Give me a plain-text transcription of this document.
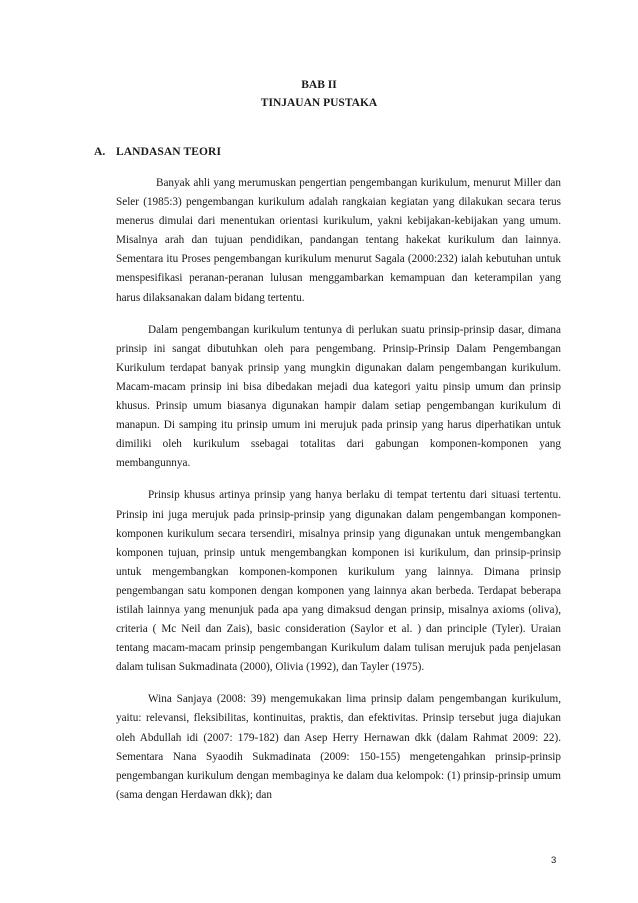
BAB II

TINJAUAN PUSTAKA

A. LANDASAN TEORI

Banyak ahli yang merumuskan pengertian pengembangan kurikulum, menurut Miller dan Seler (1985:3) pengembangan kurikulum adalah rangkaian kegiatan yang dilakukan secara terus menerus dimulai dari menentukan orientasi kurikulum, yakni kebijakan-kebijakan yang umum. Misalnya arah dan tujuan pendidikan, pandangan tentang hakekat kurikulum dan lainnya. Sementara itu Proses pengembangan kurikulum menurut Sagala (2000:232) ialah kebutuhan untuk menspesifikasi peranan-peranan lulusan menggambarkan kemampuan dan keterampilan yang harus dilaksanakan dalam bidang tertentu.

Dalam pengembangan kurikulum tentunya di perlukan suatu prinsip-prinsip dasar, dimana prinsip ini sangat dibutuhkan oleh para pengembang. Prinsip-Prinsip Dalam Pengembangan Kurikulum terdapat banyak prinsip yang mungkin digunakan dalam pengembangan kurikulum. Macam-macam prinsip ini bisa dibedakan mejadi dua kategori yaitu pinsip umum dan prinsip khusus. Prinsip umum biasanya digunakan hampir dalam setiap pengembangan kurikulum di manapun. Di samping itu prinsip umum ini merujuk pada prinsip yang harus diperhatikan untuk dimiliki oleh kurikulum ssebagai totalitas dari gabungan komponen-komponen yang membangunnya.

Prinsip khusus artinya prinsip yang hanya berlaku di tempat tertentu dari situasi tertentu. Prinsip ini juga merujuk pada prinsip-prinsip yang digunakan dalam pengembangan komponen-komponen kurikulum secara tersendiri, misalnya prinsip yang digunakan untuk mengembangkan komponen tujuan, prinsip untuk mengembangkan komponen isi kurikulum, dan prinsip-prinsip untuk mengembangkan komponen-komponen kurikulum yang lainnya. Dimana prinsip pengembangan satu komponen dengan komponen yang lainnya akan berbeda. Terdapat beberapa istilah lainnya yang menunjuk pada apa yang dimaksud dengan prinsip, misalnya axioms (oliva), criteria ( Mc Neil dan Zais), basic consideration (Saylor et al. ) dan principle (Tyler). Uraian tentang macam-macam prinsip pengembangan Kurikulum dalam tulisan merujuk pada penjelasan dalam tulisan Sukmadinata (2000), Olivia (1992), dan Tayler (1975).

Wina Sanjaya (2008: 39) mengemukakan lima prinsip dalam pengembangan kurikulum, yaitu: relevansi, fleksibilitas, kontinuitas, praktis, dan efektivitas. Prinsip tersebut juga diajukan oleh Abdullah idi (2007: 179-182) dan Asep Herry Hernawan dkk (dalam Rahmat 2009: 22). Sementara Nana Syaodih Sukmadinata (2009: 150-155) mengetengahkan prinsip-prinsip pengembangan kurikulum dengan membaginya ke dalam dua kelompok: (1) prinsip-prinsip umum (sama dengan Herdawan dkk); dan

3
